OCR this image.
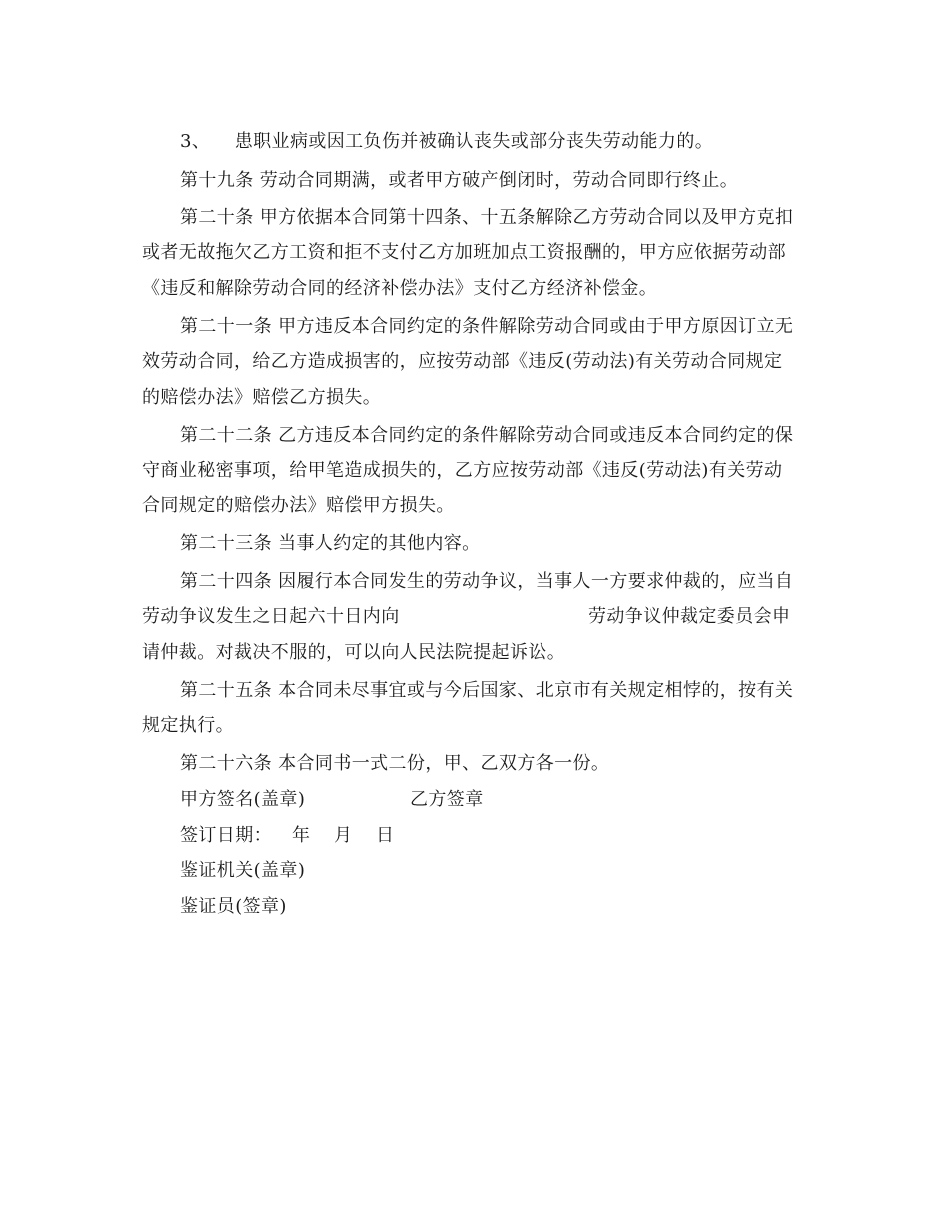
3、    患职业病或因工负伤并被确认丧失或部分丧失劳动能力的。
第十九条 劳动合同期满，或者甲方破产倒闭时，劳动合同即行终止。
第二十条 甲方依据本合同第十四条、十五条解除乙方劳动合同以及甲方克扣
或者无故拖欠乙方工资和拒不支付乙方加班加点工资报酬的，甲方应依据劳动部
《违反和解除劳动合同的经济补偿办法》支付乙方经济补偿金。
第二十一条 甲方违反本合同约定的条件解除劳动合同或由于甲方原因订立无
效劳动合同，给乙方造成损害的，应按劳动部《违反(劳动法)有关劳动合同规定
的赔偿办法》赔偿乙方损失。
第二十二条 乙方违反本合同约定的条件解除劳动合同或违反本合同约定的保
守商业秘密事项，给甲笔造成损失的，乙方应按劳动部《违反(劳动法)有关劳动
合同规定的赔偿办法》赔偿甲方损失。
第二十三条 当事人约定的其他内容。
第二十四条 因履行本合同发生的劳动争议，当事人一方要求仲裁的，应当自
劳动争议发生之日起六十日内向	劳动争议仲裁定委员会申
请仲裁。对裁决不服的，可以向人民法院提起诉讼。
第二十五条 本合同未尽事宜或与今后国家、北京市有关规定相悖的，按有关
规定执行。
第二十六条 本合同书一式二份，甲、乙双方各一份。
甲方签名(盖章)	乙方签章
签订日期： 年 月 日
鉴证机关(盖章)
鉴证员(签章)
